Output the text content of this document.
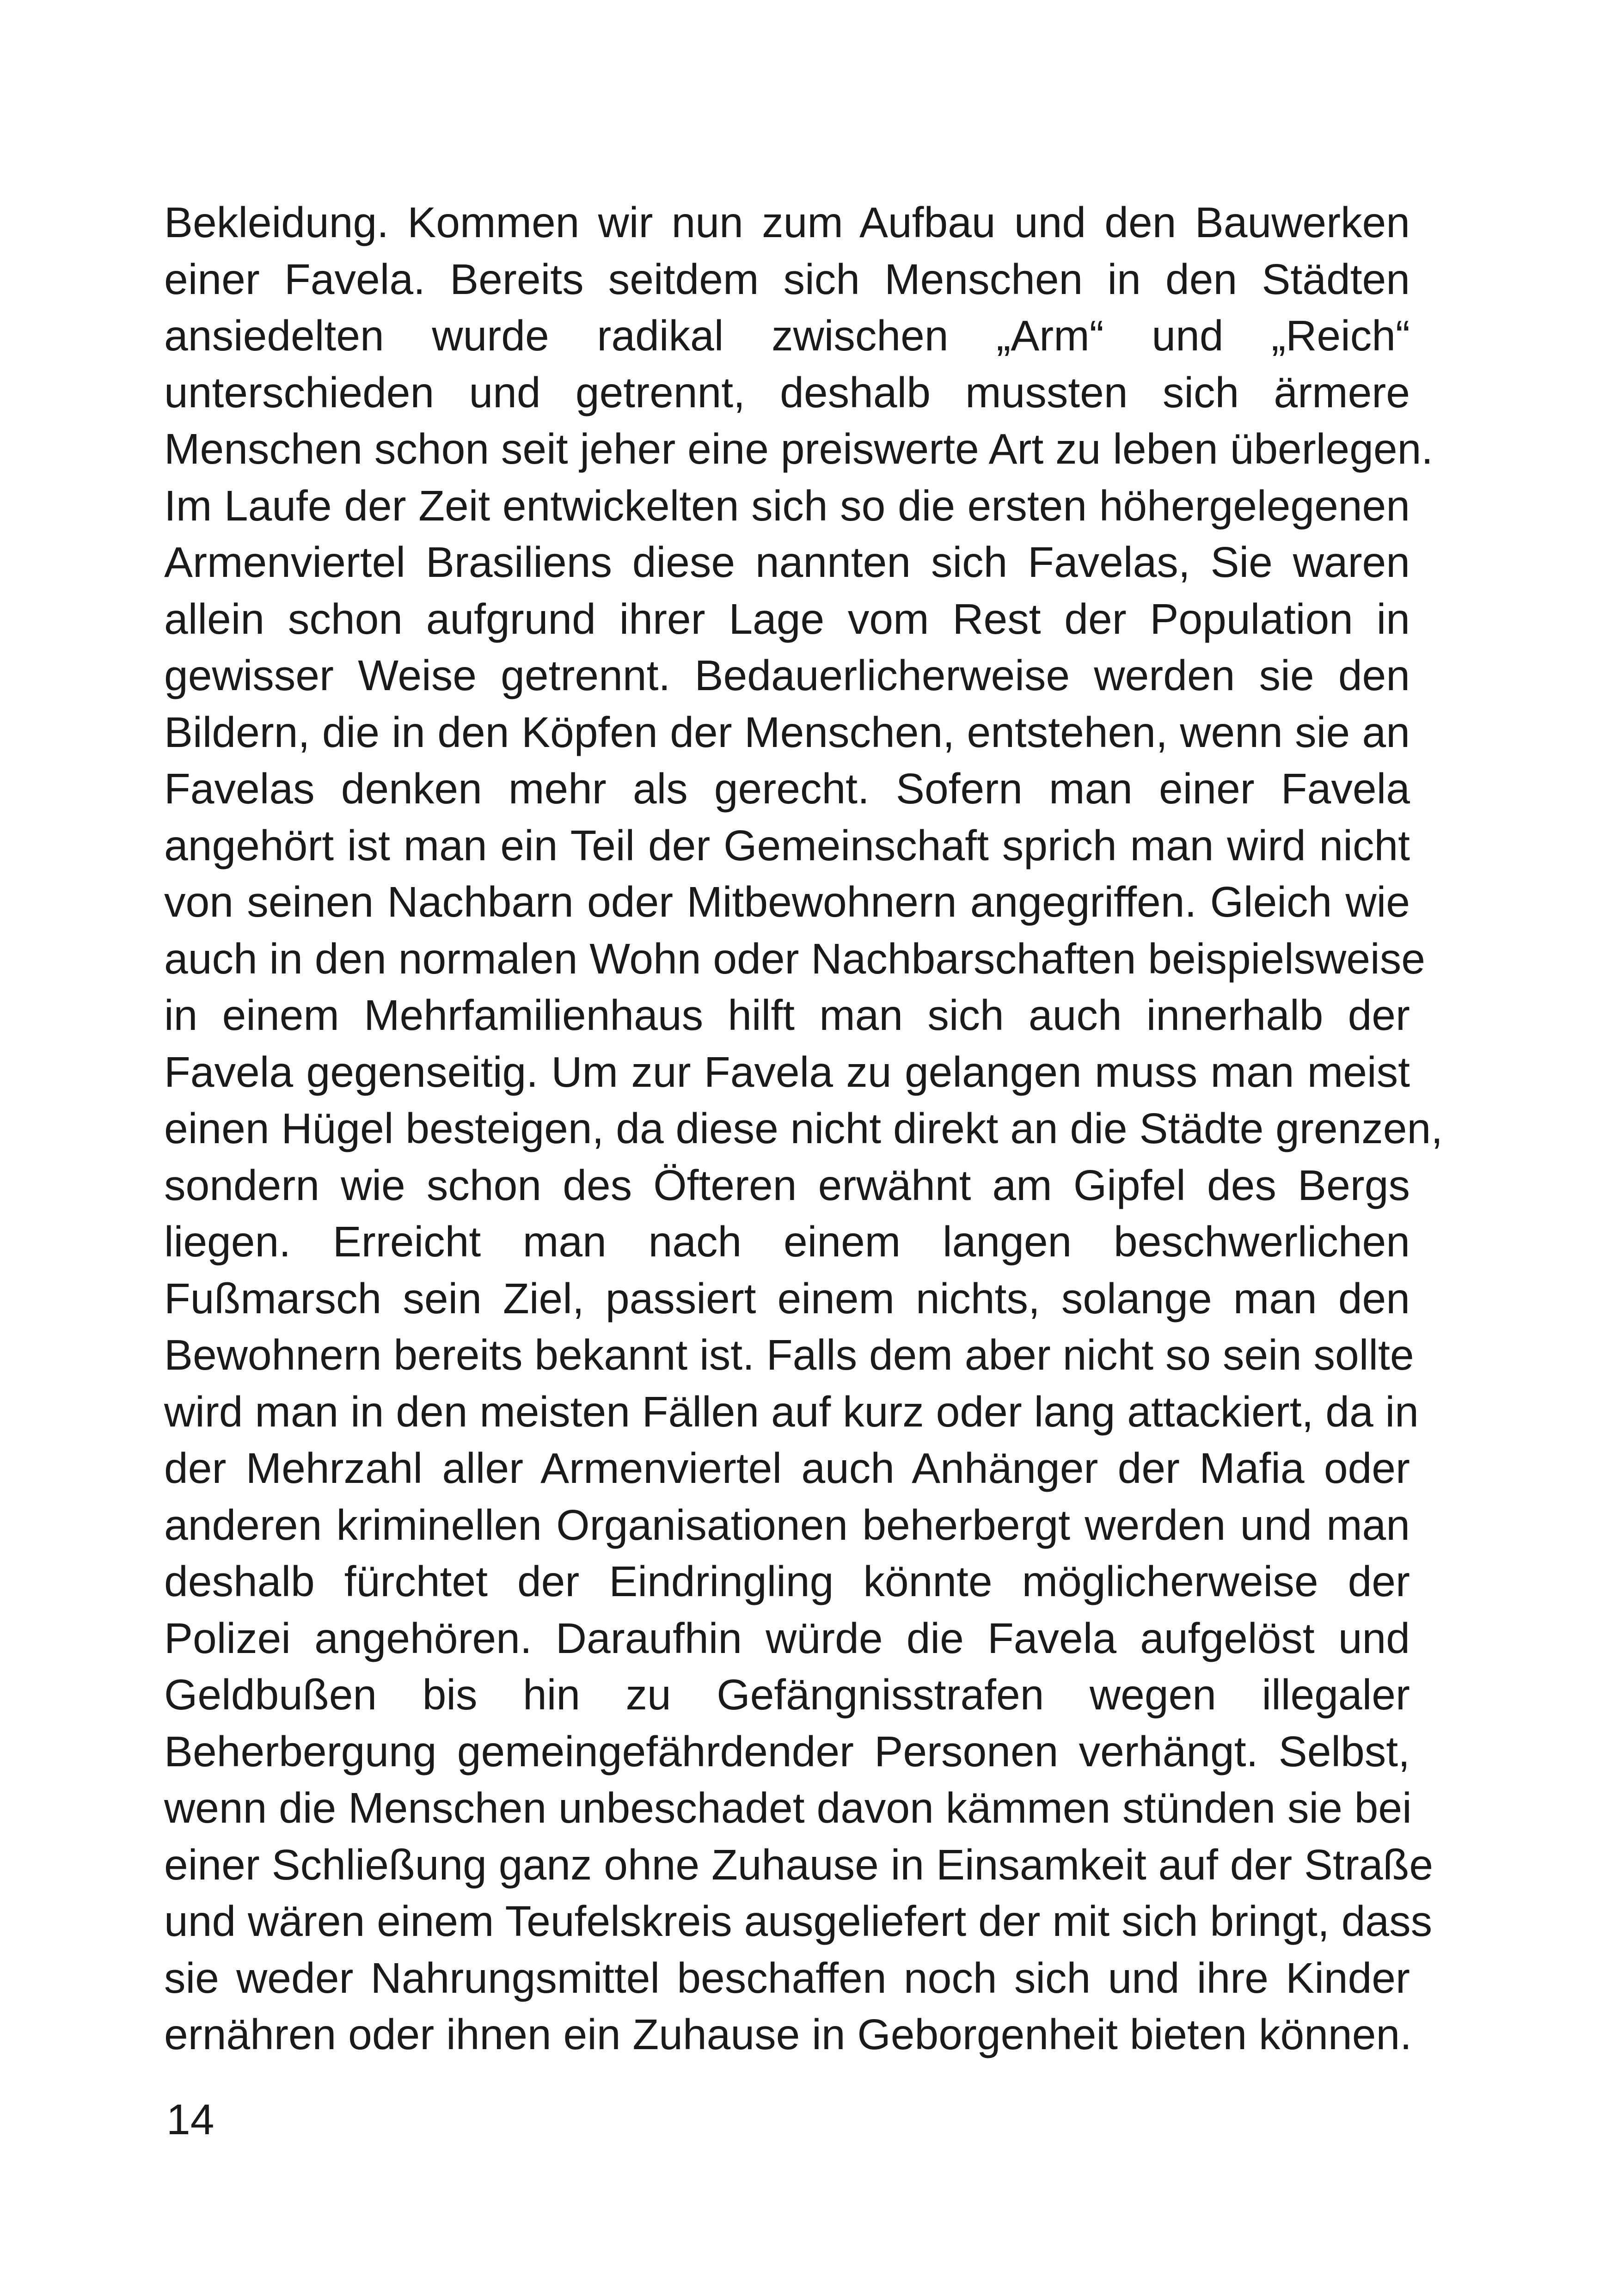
Bekleidung. Kommen wir nun zum Aufbau und den Bauwerken
einer Favela. Bereits seitdem sich Menschen in den Städten
ansiedelten wurde radikal zwischen „Arm“ und „Reich“
unterschieden und getrennt, deshalb mussten sich ärmere
Menschen schon seit jeher eine preiswerte Art zu leben überlegen.
Im Laufe der Zeit entwickelten sich so die ersten höhergelegenen
Armenviertel Brasiliens diese nannten sich Favelas, Sie waren
allein schon aufgrund ihrer Lage vom Rest der Population in
gewisser Weise getrennt. Bedauerlicherweise werden sie den
Bildern, die in den Köpfen der Menschen, entstehen, wenn sie an
Favelas denken mehr als gerecht. Sofern man einer Favela
angehört ist man ein Teil der Gemeinschaft sprich man wird nicht
von seinen Nachbarn oder Mitbewohnern angegriffen. Gleich wie
auch in den normalen Wohn oder Nachbarschaften beispielsweise
in einem Mehrfamilienhaus hilft man sich auch innerhalb der
Favela gegenseitig. Um zur Favela zu gelangen muss man meist
einen Hügel besteigen, da diese nicht direkt an die Städte grenzen,
sondern wie schon des Öfteren erwähnt am Gipfel des Bergs
liegen. Erreicht man nach einem langen beschwerlichen
Fußmarsch sein Ziel, passiert einem nichts, solange man den
Bewohnern bereits bekannt ist. Falls dem aber nicht so sein sollte
wird man in den meisten Fällen auf kurz oder lang attackiert, da in
der Mehrzahl aller Armenviertel auch Anhänger der Mafia oder
anderen kriminellen Organisationen beherbergt werden und man
deshalb fürchtet der Eindringling könnte möglicherweise der
Polizei angehören. Daraufhin würde die Favela aufgelöst und
Geldbußen bis hin zu Gefängnisstrafen wegen illegaler
Beherbergung gemeingefährdender Personen verhängt. Selbst,
wenn die Menschen unbeschadet davon kämmen stünden sie bei
einer Schließung ganz ohne Zuhause in Einsamkeit auf der Straße
und wären einem Teufelskreis ausgeliefert der mit sich bringt, dass
sie weder Nahrungsmittel beschaffen noch sich und ihre Kinder
ernähren oder ihnen ein Zuhause in Geborgenheit bieten können.
14
